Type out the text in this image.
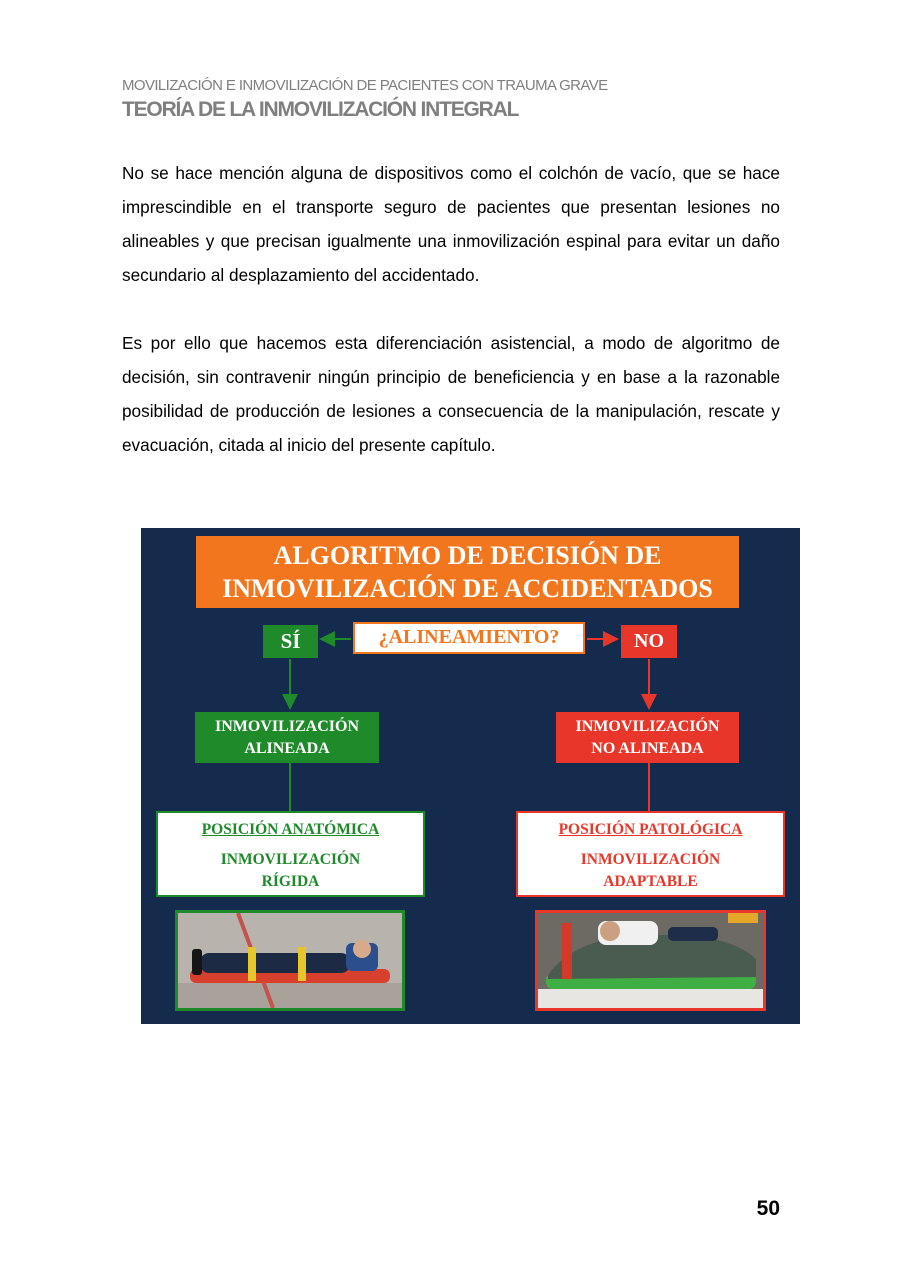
MOVILIZACIÓN E INMOVILIZACIÓN DE PACIENTES CON TRAUMA GRAVE
TEORÍA DE LA INMOVILIZACIÓN INTEGRAL

No se hace mención alguna de dispositivos como el colchón de vacío, que se hace imprescindible en el transporte seguro de pacientes que presentan lesiones no alineables y que precisan igualmente una inmovilización espinal para evitar un daño secundario al desplazamiento del accidentado.

Es por ello que hacemos esta diferenciación asistencial, a modo de algoritmo de decisión, sin contravenir ningún principio de beneficiencia y en base a la razonable posibilidad de producción de lesiones a consecuencia de la manipulación, rescate y evacuación, citada al inicio del presente capítulo.

ALGORITMO DE DECISIÓN DE
INMOVILIZACIÓN DE ACCIDENTADOS
¿ALINEAMIENTO?
SÍ	NO
INMOVILIZACIÓN
ALINEADA
INMOVILIZACIÓN
NO ALINEADA
POSICIÓN ANATÓMICA
INMOVILIZACIÓN
RÍGIDA
POSICIÓN PATOLÓGICA
INMOVILIZACIÓN
ADAPTABLE
50
